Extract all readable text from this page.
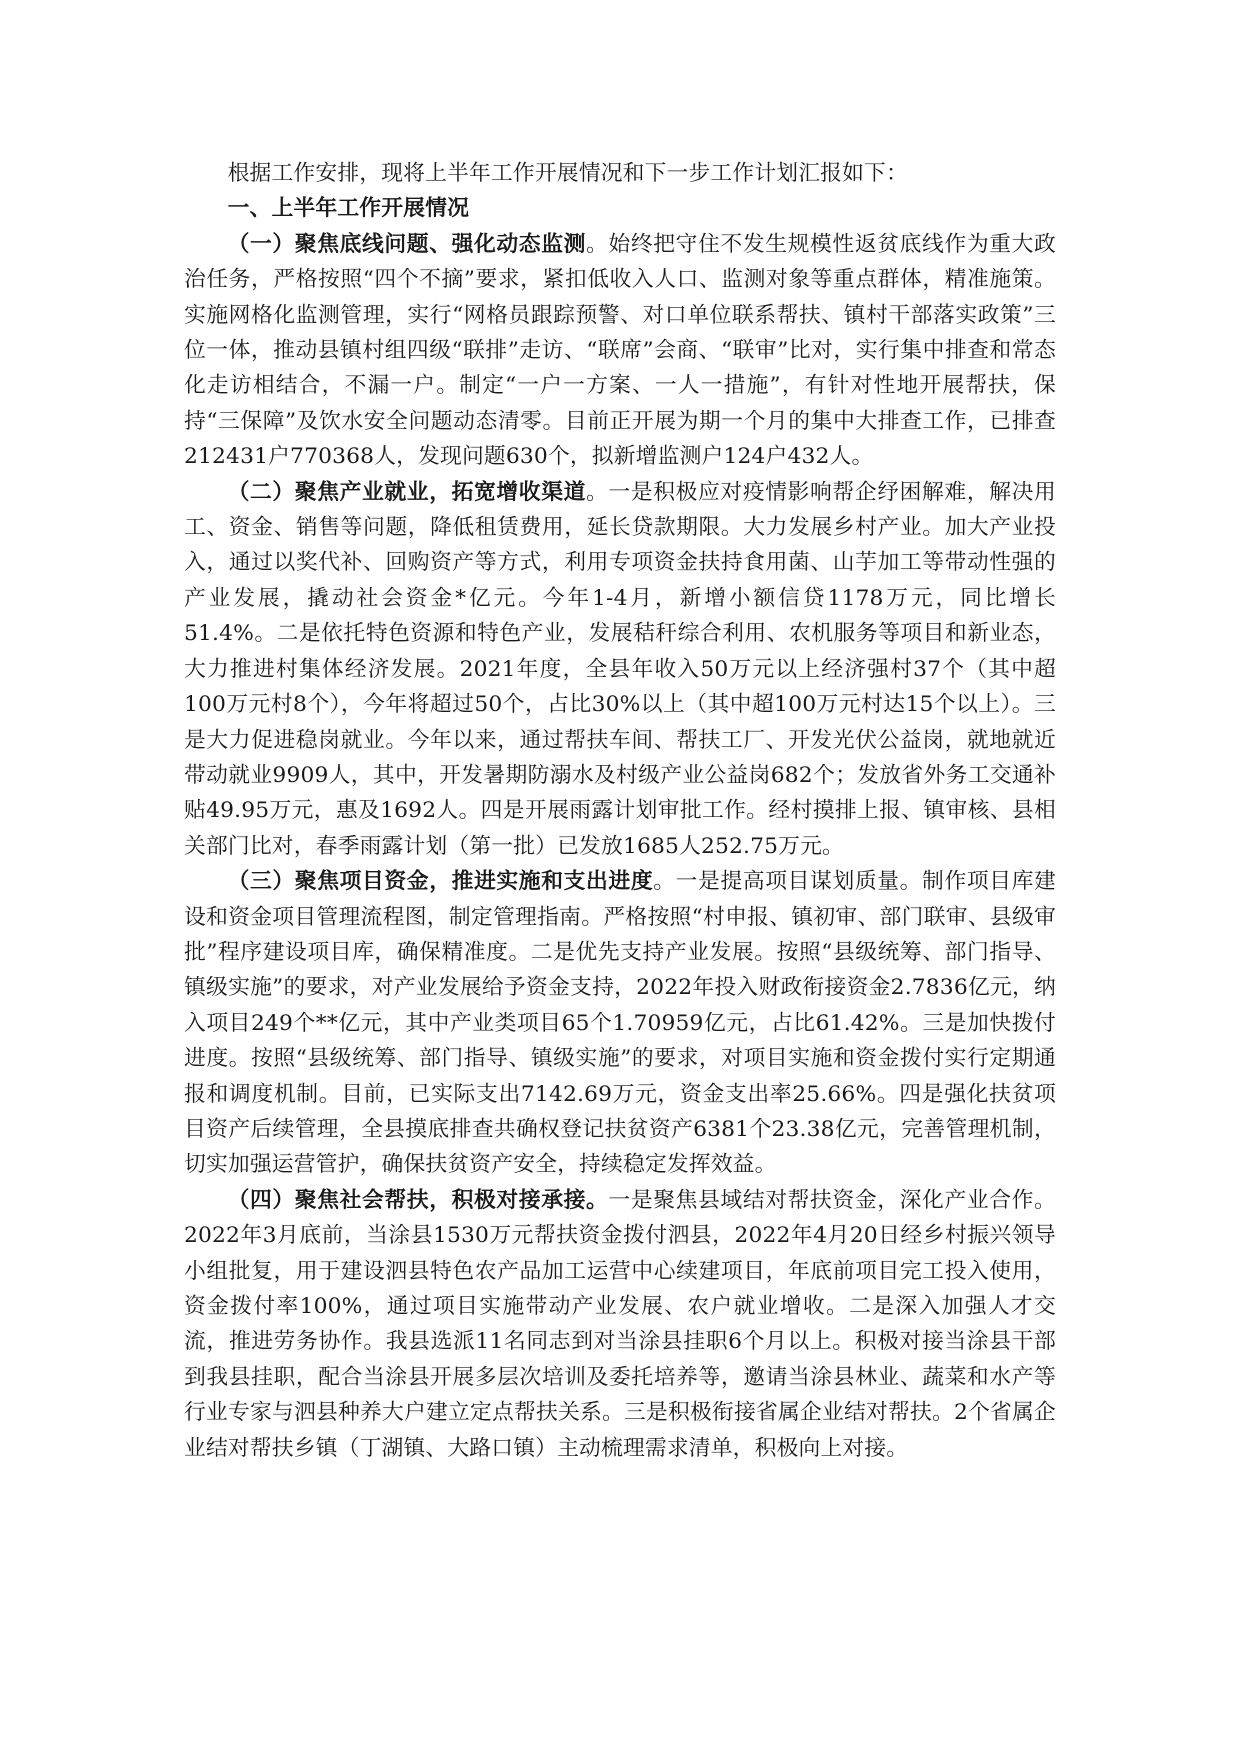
根据工作安排，现将上半年工作开展情况和下一步工作计划汇报如下：

一、上半年工作开展情况

（一）聚焦底线问题、强化动态监测。始终把守住不发生规模性返贫底线作为重大政治任务，严格按照“四个不摘”要求，紧扣低收入人口、监测对象等重点群体，精准施策。实施网格化监测管理，实行“网格员跟踪预警、对口单位联系帮扶、镇村干部落实政策”三位一体，推动县镇村组四级“联排”走访、“联席”会商、“联审”比对，实行集中排查和常态化走访相结合，不漏一户。制定“一户一方案、一人一措施”，有针对性地开展帮扶，保持“三保障”及饮水安全问题动态清零。目前正开展为期一个月的集中大排查工作，已排查212431户770368人，发现问题630个，拟新增监测户124户432人。

（二）聚焦产业就业，拓宽增收渠道。一是积极应对疫情影响帮企纾困解难，解决用工、资金、销售等问题，降低租赁费用，延长贷款期限。大力发展乡村产业。加大产业投入，通过以奖代补、回购资产等方式，利用专项资金扶持食用菌、山芋加工等带动性强的产业发展，撬动社会资金*亿元。今年1-4月，新增小额信贷1178万元，同比增长51.4%。二是依托特色资源和特色产业，发展秸秆综合利用、农机服务等项目和新业态，大力推进村集体经济发展。2021年度，全县年收入50万元以上经济强村37个（其中超100万元村8个），今年将超过50个，占比30%以上（其中超100万元村达15个以上）。三是大力促进稳岗就业。今年以来，通过帮扶车间、帮扶工厂、开发光伏公益岗，就地就近带动就业9909人，其中，开发暑期防溺水及村级产业公益岗682个；发放省外务工交通补贴49.95万元，惠及1692人。四是开展雨露计划审批工作。经村摸排上报、镇审核、县相关部门比对，春季雨露计划（第一批）已发放1685人252.75万元。

（三）聚焦项目资金，推进实施和支出进度。一是提高项目谋划质量。制作项目库建设和资金项目管理流程图，制定管理指南。严格按照“村申报、镇初审、部门联审、县级审批”程序建设项目库，确保精准度。二是优先支持产业发展。按照“县级统筹、部门指导、镇级实施”的要求，对产业发展给予资金支持，2022年投入财政衔接资金2.7836亿元，纳入项目249个**亿元，其中产业类项目65个1.70959亿元，占比61.42%。三是加快拨付进度。按照“县级统筹、部门指导、镇级实施”的要求，对项目实施和资金拨付实行定期通报和调度机制。目前，已实际支出7142.69万元，资金支出率25.66%。四是强化扶贫项目资产后续管理，全县摸底排查共确权登记扶贫资产6381个23.38亿元，完善管理机制，切实加强运营管护，确保扶贫资产安全，持续稳定发挥效益。

（四）聚焦社会帮扶，积极对接承接。一是聚焦县域结对帮扶资金，深化产业合作。2022年3月底前，当涂县1530万元帮扶资金拨付泗县，2022年4月20日经乡村振兴领导小组批复，用于建设泗县特色农产品加工运营中心续建项目，年底前项目完工投入使用，资金拨付率100%，通过项目实施带动产业发展、农户就业增收。二是深入加强人才交流，推进劳务协作。我县选派11名同志到对当涂县挂职6个月以上。积极对接当涂县干部到我县挂职，配合当涂县开展多层次培训及委托培养等，邀请当涂县林业、蔬菜和水产等行业专家与泗县种养大户建立定点帮扶关系。三是积极衔接省属企业结对帮扶。2个省属企业结对帮扶乡镇（丁湖镇、大路口镇）主动梳理需求清单，积极向上对接。
